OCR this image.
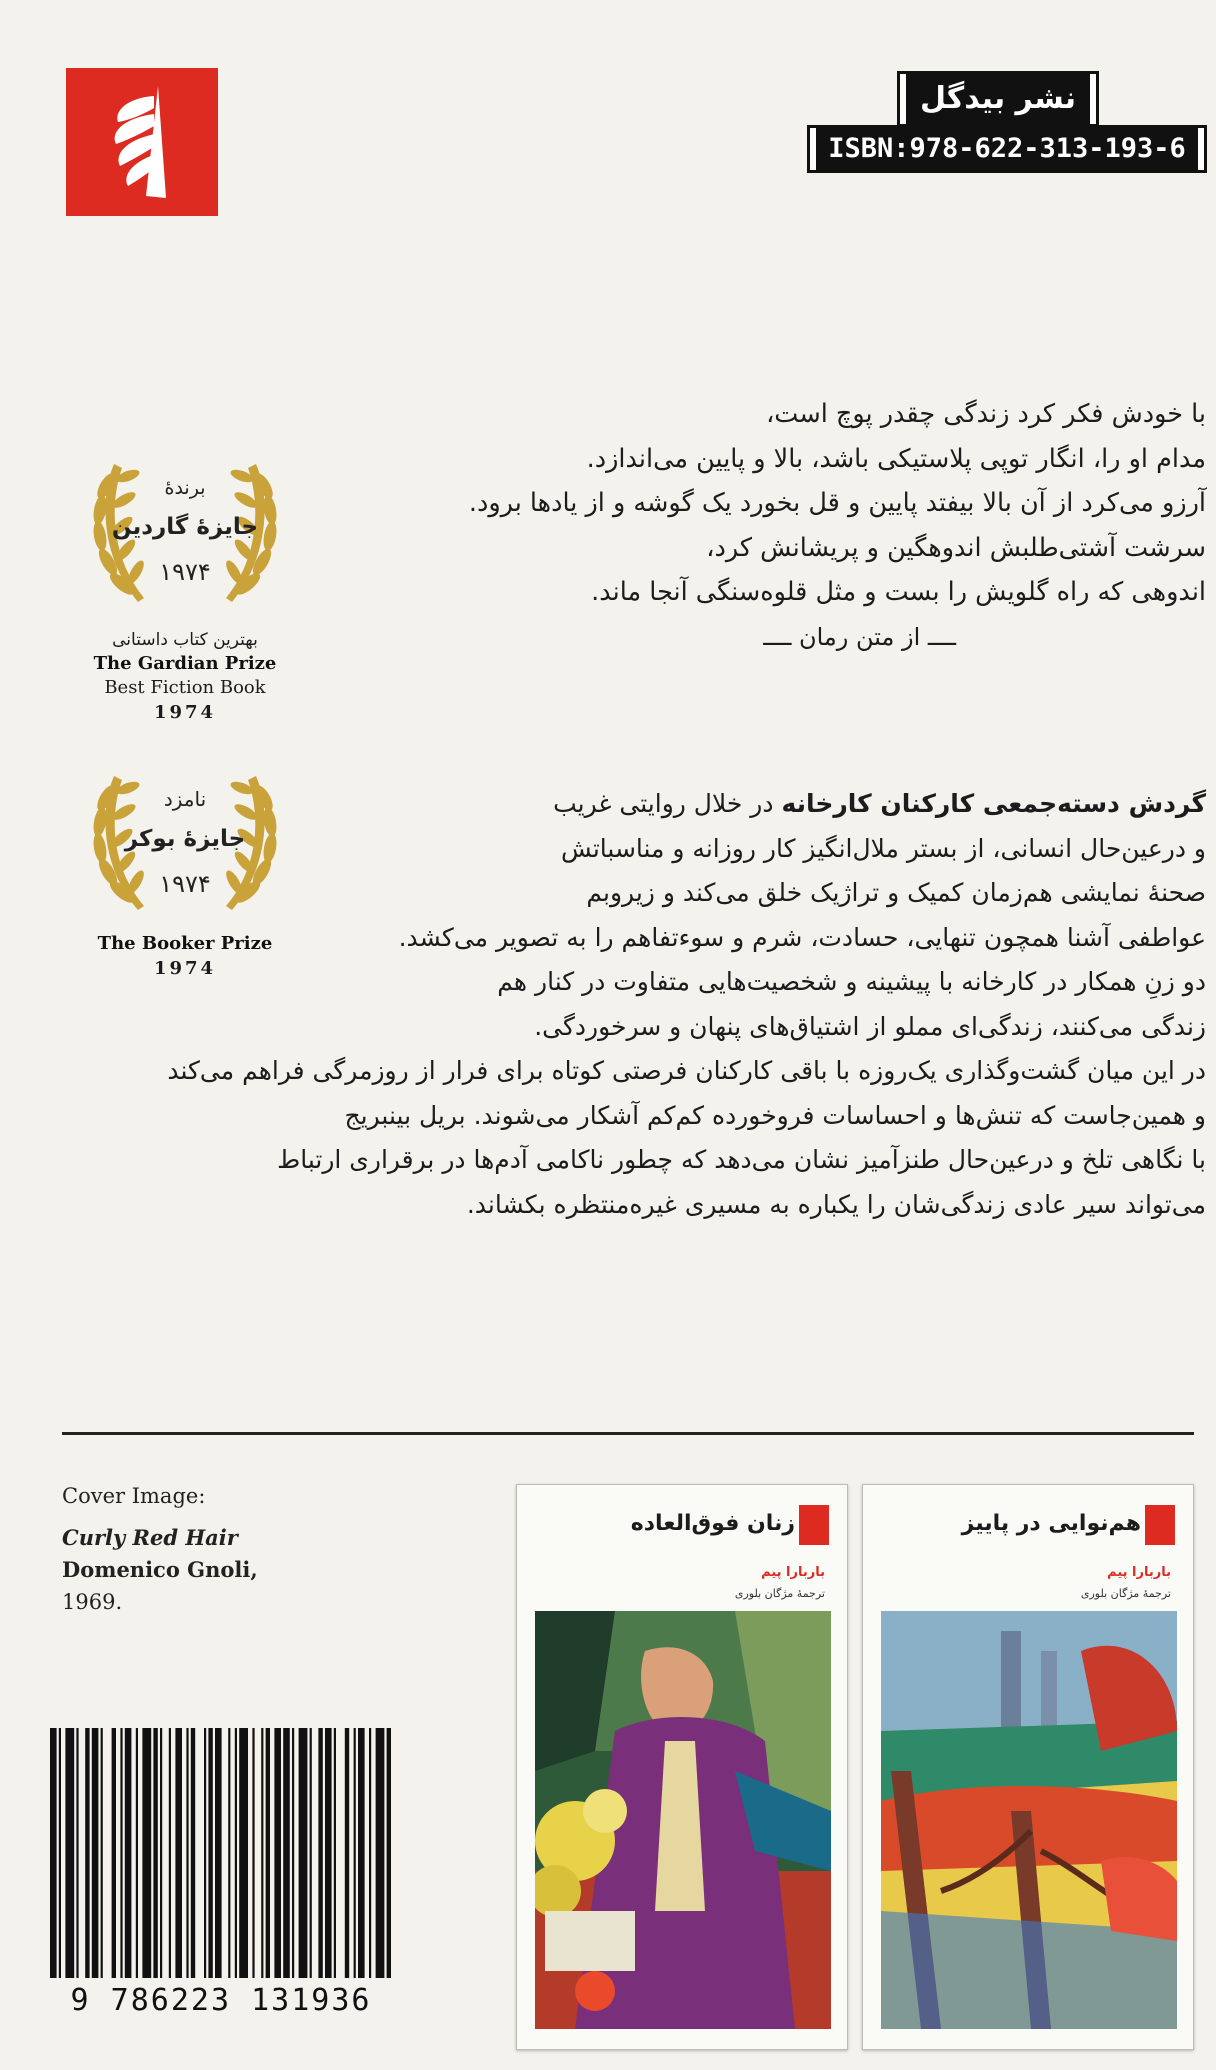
نشر بیدگل
ISBN:978-622-313-193-6
با خودش فکر کرد زندگی چقدر پوچ است،
مدام او را، انگار توپی پلاستیکی باشد، بالا و پایین می‌اندازد.
آرزو می‌کرد از آن بالا بیفتد پایین و قل بخورد یک گوشه و از یادها برود.
سرشت آشتی‌طلبش اندوهگین و پریشانش کرد،
اندوهی که راه گلویش را بست و مثل قلوه‌سنگی آنجا ماند.
ــــ از متن رمان ــــ
برندهٔ
جایزهٔ گاردین
۱۹۷۴
بهترین کتاب داستانی
The Gardian Prize
Best Fiction Book
1974
نامزد
جایزهٔ بوکر
۱۹۷۴
The Booker Prize
1974
گردش دسته‌جمعی کارکنان کارخانه در خلال روایتی غریب
و درعین‌حال انسانی، از بستر ملال‌انگیز کار روزانه و مناسباتش
صحنهٔ نمایشی هم‌زمان کمیک و تراژیک خلق می‌کند و زیروبم
عواطفی آشنا همچون تنهایی، حسادت، شرم و سوءتفاهم را به تصویر می‌کشد.
دو زنِ همکار در کارخانه با پیشینه و شخصیت‌هایی متفاوت در کنار هم
زندگی می‌کنند، زندگی‌ای مملو از اشتیاق‌های پنهان و سرخوردگی.
در این میان گشت‌وگذاری یک‌روزه با باقی کارکنان فرصتی کوتاه برای فرار از روزمرگی فراهم می‌کند
و همین‌جاست که تنش‌ها و احساسات فروخورده کم‌کم آشکار می‌شوند. بریل بینبریج
با نگاهی تلخ و درعین‌حال طنزآمیز نشان می‌دهد که چطور ناکامی آدم‌ها در برقراری ارتباط
می‌تواند سیر عادی زندگی‌شان را یکباره به مسیری غیره‌منتظره بکشاند.
Cover Image:
Curly Red Hair
Domenico Gnoli,
1969.
9 786223 131936
زنان فوق‌العاده
باربارا پیم
ترجمهٔ مژگان بلوری
هم‌نوایی در پاییز
باربارا پیم
ترجمهٔ مژگان بلوری
